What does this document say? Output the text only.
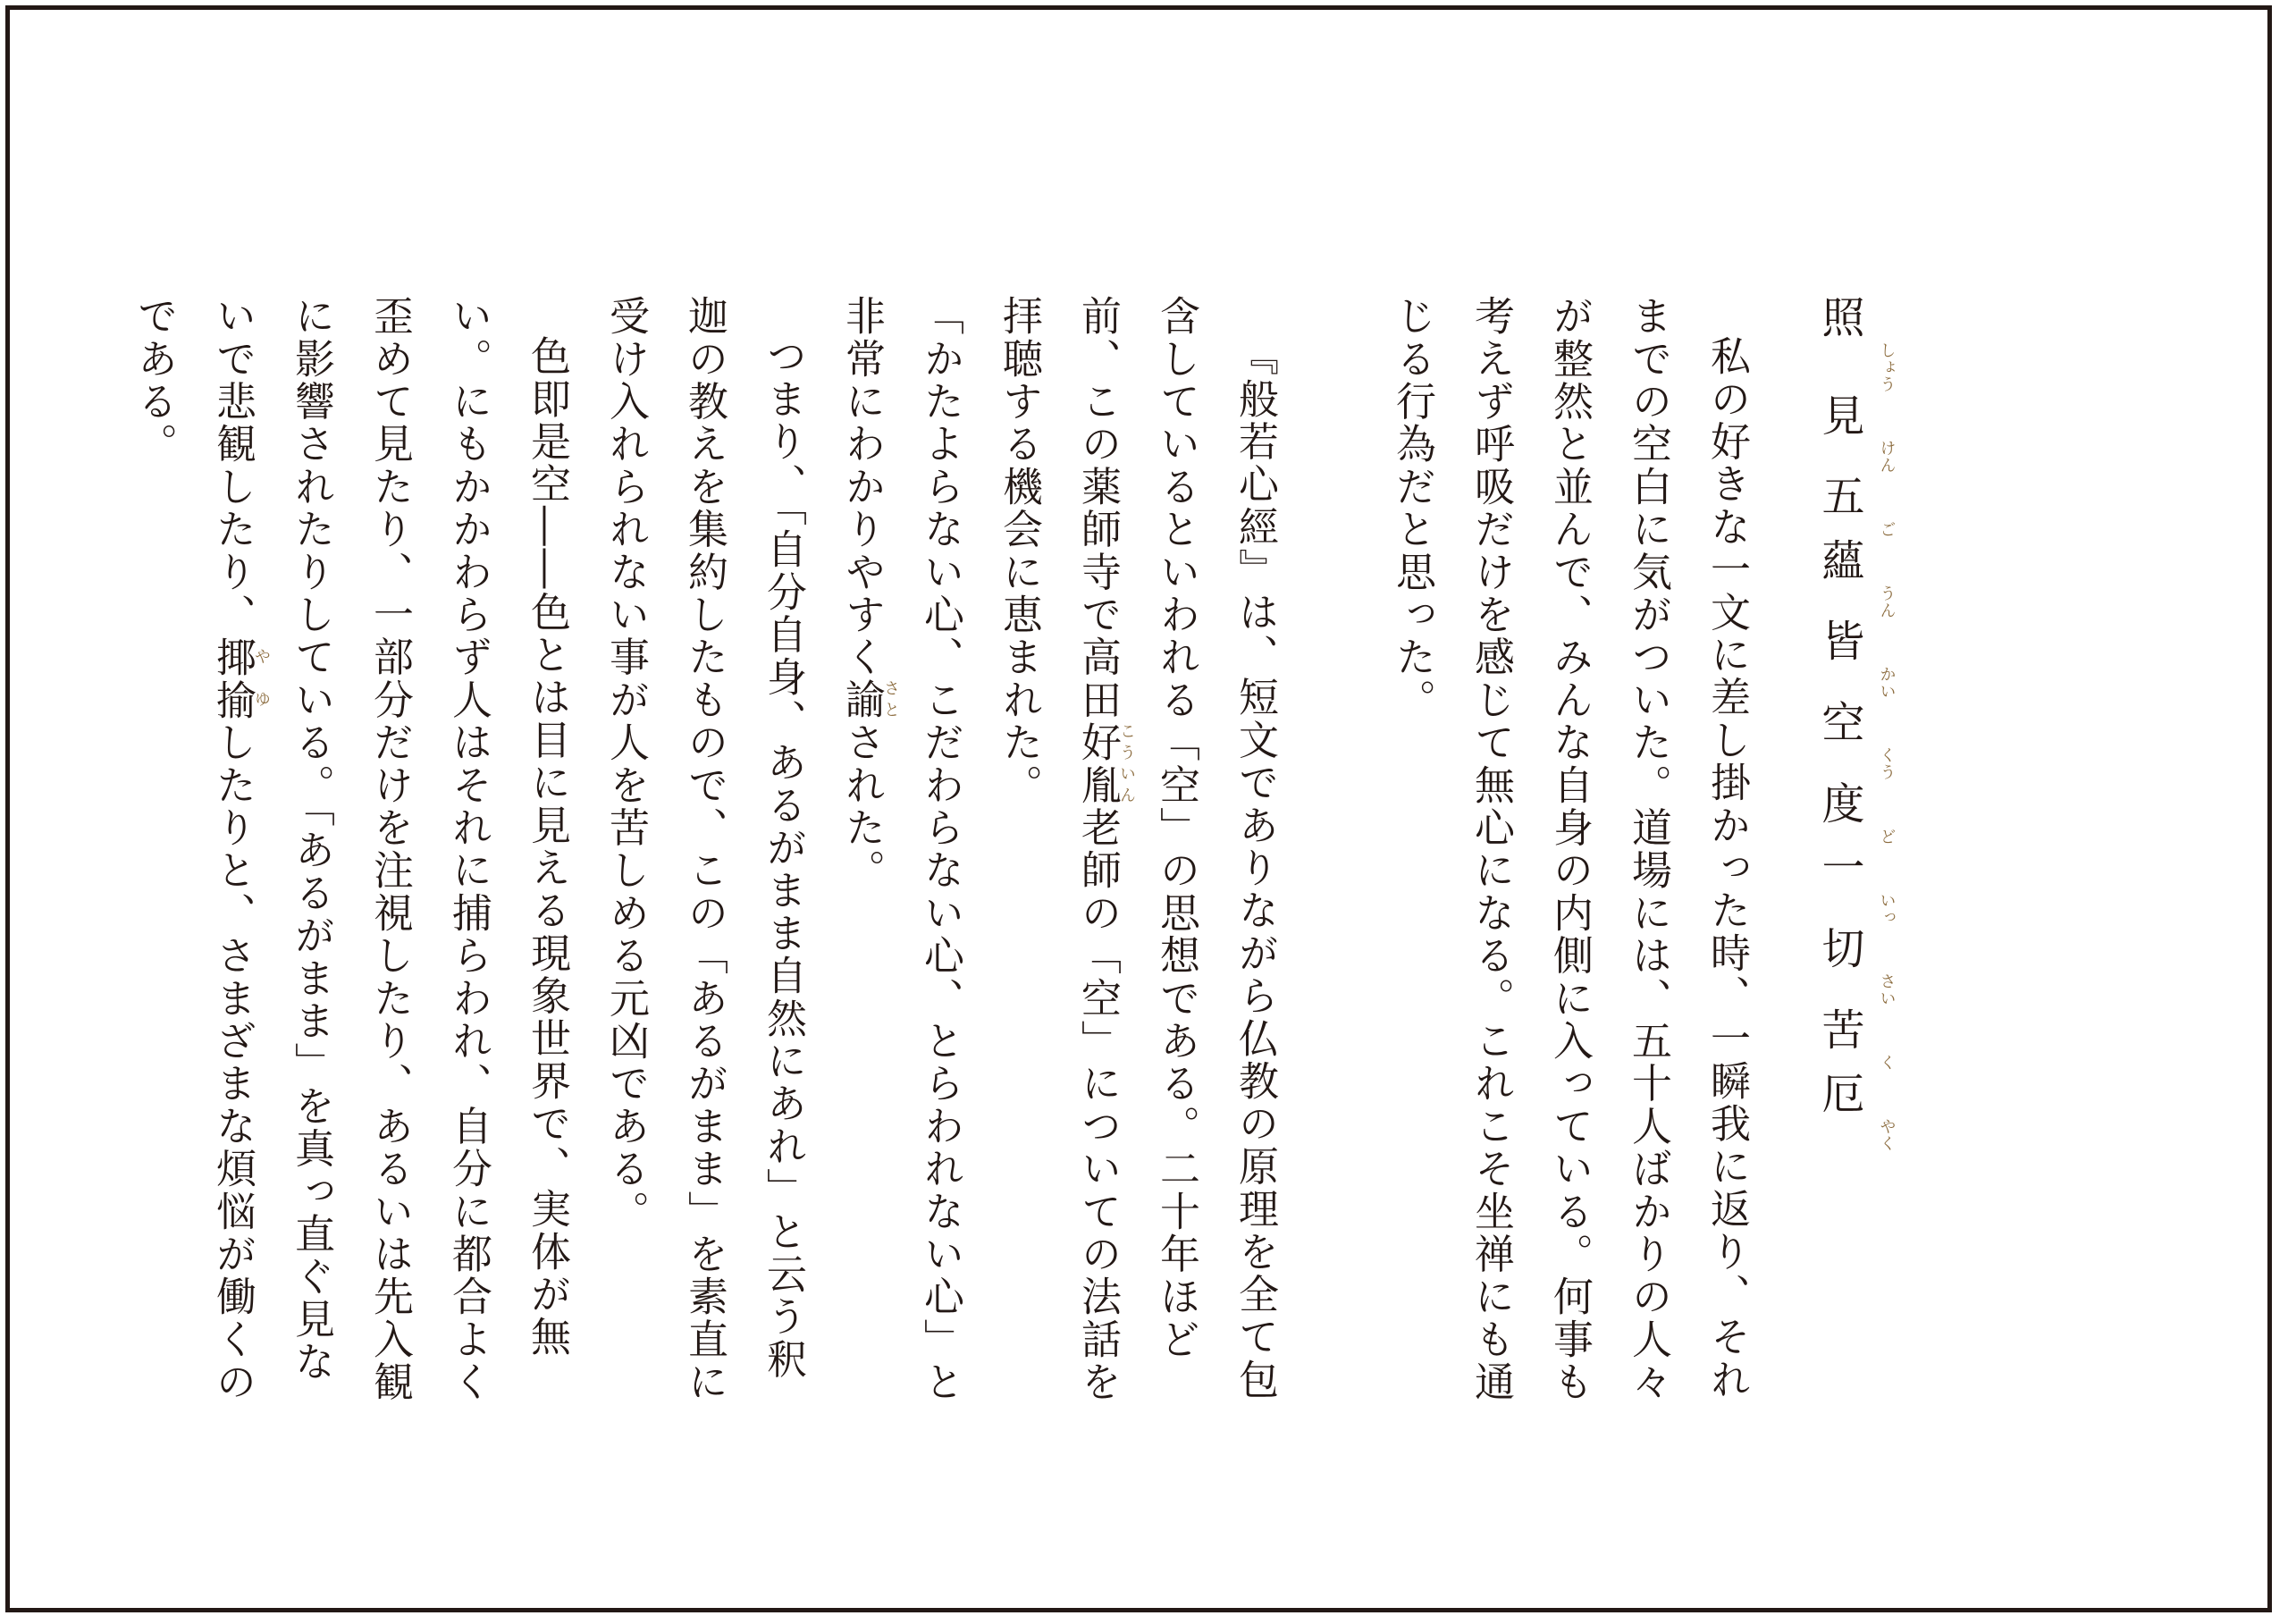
照しょう見けん五ご蘊うん皆かい空くう度ど一いっ切さい苦く厄やく

私の好きな一文に差し掛かった時、一瞬我に返り、それまでの空白に気がついた。道場には、五十人ばかりの人々が整然と並んで、みんな自身の内側に入っている。何事も考えず呼吸だけを感じて無心になる。これこそ坐禅にも通じる行為だと思った。

『般若心經』は、短文でありながら仏教の原理を全て包含しているといわれる「空」の思想である。二十年ほど前、この薬師寺で高田好胤こういん老師の「空」についての法話を拝聴する機会に恵まれた。

「かたよらない心、こだわらない心、とらわれない心」と非常にわかりやすく諭さとされた。

つまり、「自分自身、あるがまま自然にあれ」と云う釈迦の教えを集約したもので、この「あるがまま」を素直に受け入れられない事が人を苦しめる元凶である。

色即是空――色とは目に見える現象世界で、実体が無い。にもかかわらず人はそれに捕らわれ、自分に都合よく歪めて見たり、一部分だけを注視したり、あるいは先入観に影響されたりしている。「あるがまま」を真っ直ぐ見ないで悲観したり、揶揄やゆしたりと、さまざまな煩悩が働くのである。
